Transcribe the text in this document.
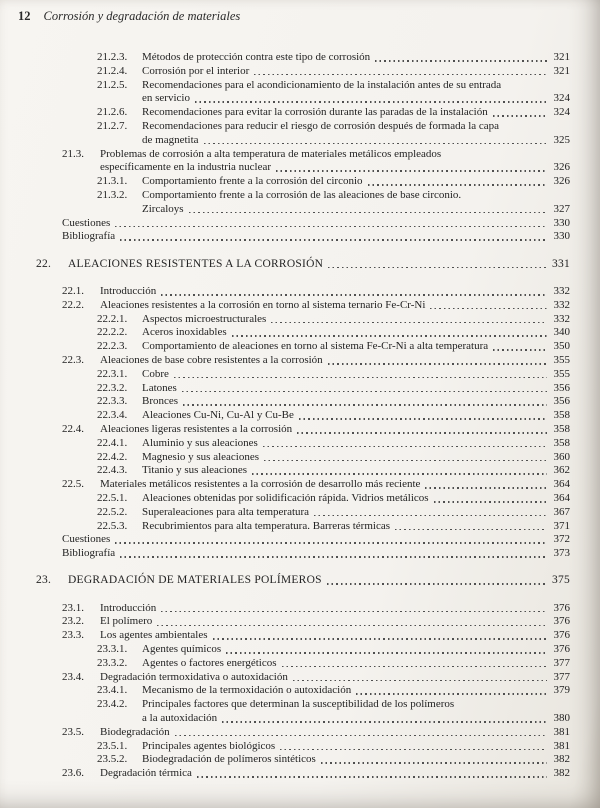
12 Corrosión y degradación de materiales
21.2.3.	Métodos de protección contra este tipo de corrosión	321
21.2.4.	Corrosión por el interior	321
21.2.5.	Recomendaciones para el acondicionamiento de la instalación antes de su entrada
en servicio	324
21.2.6.	Recomendaciones para evitar la corrosión durante las paradas de la instalación	324
21.2.7.	Recomendaciones para reducir el riesgo de corrosión después de formada la capa
de magnetita	325
21.3.	Problemas de corrosión a alta temperatura de materiales metálicos empleados
específicamente en la industria nuclear	326
21.3.1.	Comportamiento frente a la corrosión del circonio	326
21.3.2.	Comportamiento frente a la corrosión de las aleaciones de base circonio.
Zircaloys	327
Cuestiones	330
Bibliografía	330
22.	ALEACIONES RESISTENTES A LA CORROSIÓN	331
22.1.	Introducción	332
22.2.	Aleaciones resistentes a la corrosión en torno al sistema ternario Fe-Cr-Ni	332
22.2.1.	Aspectos microestructurales	332
22.2.2.	Aceros inoxidables	340
22.2.3.	Comportamiento de aleaciones en torno al sistema Fe-Cr-Ni a alta temperatura	350
22.3.	Aleaciones de base cobre resistentes a la corrosión	355
22.3.1.	Cobre	355
22.3.2.	Latones	356
22.3.3.	Bronces	356
22.3.4.	Aleaciones Cu-Ni, Cu-Al y Cu-Be	358
22.4.	Aleaciones ligeras resistentes a la corrosión	358
22.4.1.	Aluminio y sus aleaciones	358
22.4.2.	Magnesio y sus aleaciones	360
22.4.3.	Titanio y sus aleaciones	362
22.5.	Materiales metálicos resistentes a la corrosión de desarrollo más reciente	364
22.5.1.	Aleaciones obtenidas por solidificación rápida. Vidrios metálicos	364
22.5.2.	Superaleaciones para alta temperatura	367
22.5.3.	Recubrimientos para alta temperatura. Barreras térmicas	371
Cuestiones	372
Bibliografía	373
23.	DEGRADACIÓN DE MATERIALES POLÍMEROS	375
23.1.	Introducción	376
23.2.	El polímero	376
23.3.	Los agentes ambientales	376
23.3.1.	Agentes químicos	376
23.3.2.	Agentes o factores energéticos	377
23.4.	Degradación termoxidativa o autoxidación	377
23.4.1.	Mecanismo de la termoxidación o autoxidación	379
23.4.2.	Principales factores que determinan la susceptibilidad de los polímeros
a la autoxidación	380
23.5.	Biodegradación	381
23.5.1.	Principales agentes biológicos	381
23.5.2.	Biodegradación de polímeros sintéticos	382
23.6.	Degradación térmica	382
